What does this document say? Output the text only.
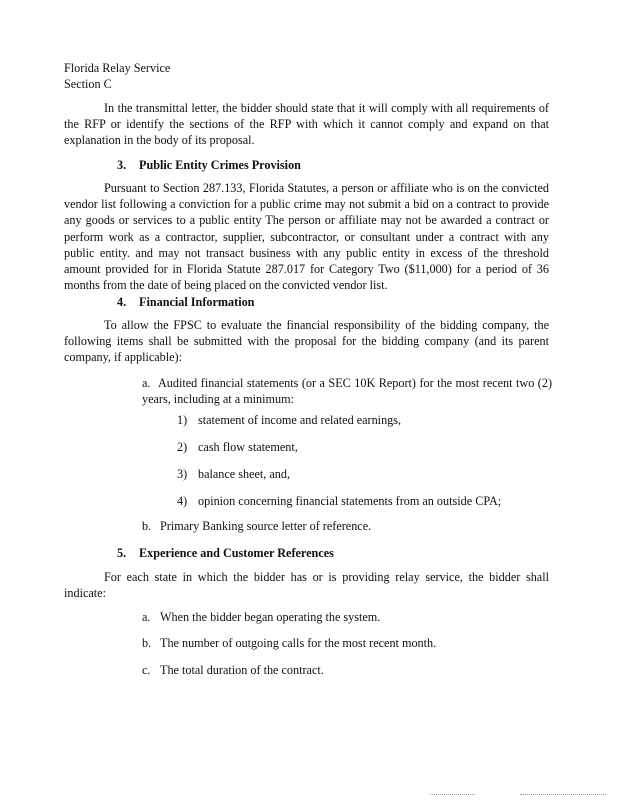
Florida Relay Service
Section C
In the transmittal letter, the bidder should state that it will comply with all requirements of the RFP or identify the sections of the RFP with which it cannot comply and expand on that explanation in the body of its proposal.
3. Public Entity Crimes Provision
Pursuant to Section 287.133, Florida Statutes, a person or affiliate who is on the convicted vendor list following a conviction for a public crime may not submit a bid on a contract to provide any goods or services to a public entity The person or affiliate may not be awarded a contract or perform work as a contractor, supplier, subcontractor, or consultant under a contract with any public entity. and may not transact business with any public entity in excess of the threshold amount provided for in Florida Statute 287.017 for Category Two ($11,000) for a period of 36 months from the date of being placed on the convicted vendor list.
4. Financial Information
To allow the FPSC to evaluate the financial responsibility of the bidding company, the following items shall be submitted with the proposal for the bidding company (and its parent company, if applicable):
a. Audited financial statements (or a SEC 10K Report) for the most recent two (2) years, including at a minimum:
1) statement of income and related earnings,
2) cash flow statement,
3) balance sheet, and,
4) opinion concerning financial statements from an outside CPA;
b. Primary Banking source letter of reference.
5. Experience and Customer References
For each state in which the bidder has or is providing relay service, the bidder shall indicate:
a. When the bidder began operating the system.
b. The number of outgoing calls for the most recent month.
c. The total duration of the contract.
